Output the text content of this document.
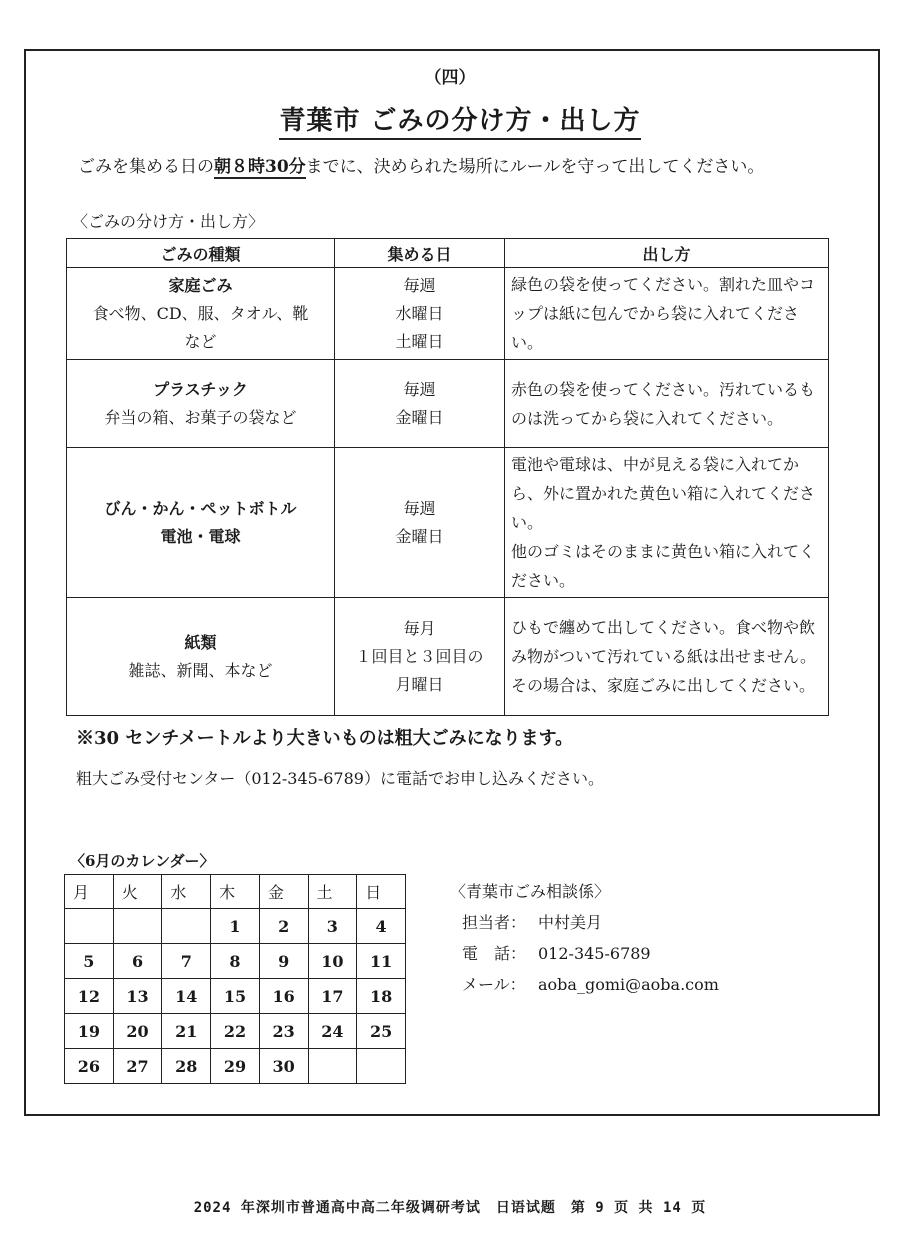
（四）
青葉市 ごみの分け方・出し方
ごみを集める日の朝８時30分までに、決められた場所にルールを守って出してください。
〈ごみの分け方・出し方〉
ごみの種類	集める日	出し方

家庭ごみ
食べ物、CD、服、タオル、靴
など	毎週
水曜日
土曜日	緑色の袋を使ってください。割れた皿やコップは紙に包んでから袋に入れてください。

プラスチック
弁当の箱、お菓子の袋など	毎週
金曜日	赤色の袋を使ってください。汚れているものは洗ってから袋に入れてください。

びん・かん・ペットボトル
電池・電球	毎週
金曜日	電池や電球は、中が見える袋に入れてから、外に置かれた黄色い箱に入れてください。
他のゴミはそのままに黄色い箱に入れてください。

紙類
雑誌、新聞、本など	毎月
１回目と３回目の
月曜日	ひもで纏めて出してください。食べ物や飲み物がついて汚れている紙は出せません。その場合は、家庭ごみに出してください。
※30 センチメートルより大きいものは粗大ごみになります。
粗大ごみ受付センター（012-345-6789）に電話でお申し込みください。
〈6月のカレンダー〉
月	火	水	木	金	土	日
			1	2	3	4
5	6	7	8	9	10	11
12	13	14	15	16	17	18
19	20	21	22	23	24	25
26	27	28	29	30		
〈青葉市ごみ相談係〉
担当者： 中村美月
電　話： 012-345-6789
メール： aoba_gomi@aoba.com
2024 年深圳市普通高中高二年级调研考试　日语试题　第 9 页 共 14 页
